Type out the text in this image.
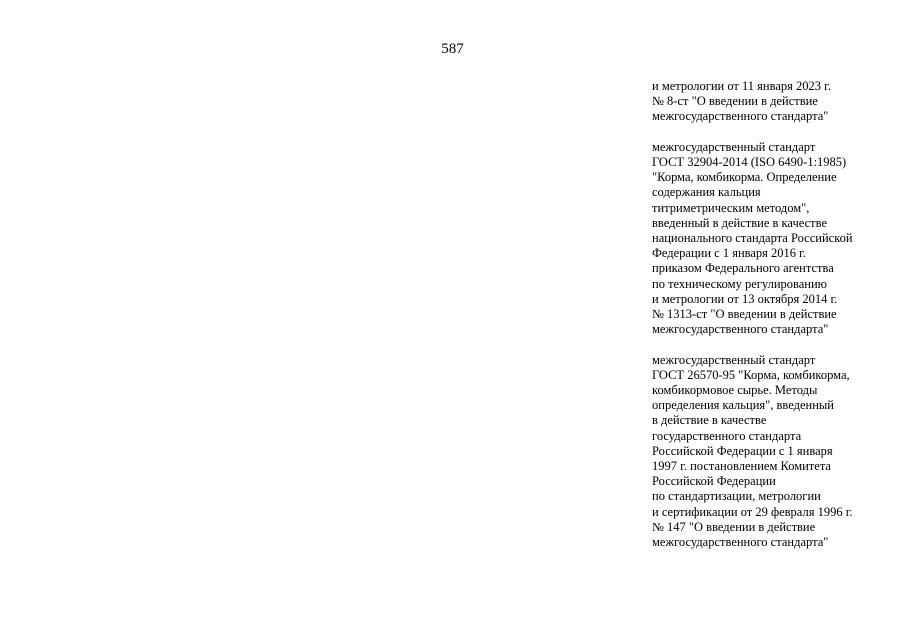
587
и метрологии от 11 января 2023 г.
№ 8-ст "О введении в действие
межгосударственного стандарта"
межгосударственный стандарт
ГОСТ 32904-2014 (ISO 6490-1:1985)
"Корма, комбикорма. Определение
содержания кальция
титриметрическим методом",
введенный в действие в качестве
национального стандарта Российской
Федерации с 1 января 2016 г.
приказом Федерального агентства
по техническому регулированию
и метрологии от 13 октября 2014 г.
№ 1313-ст "О введении в действие
межгосударственного стандарта"
межгосударственный стандарт
ГОСТ 26570-95 "Корма, комбикорма,
комбикормовое сырье. Методы
определения кальция", введенный
в действие в качестве
государственного стандарта
Российской Федерации с 1 января
1997 г. постановлением Комитета
Российской Федерации
по стандартизации, метрологии
и сертификации от 29 февраля 1996 г.
№ 147 "О введении в действие
межгосударственного стандарта"
